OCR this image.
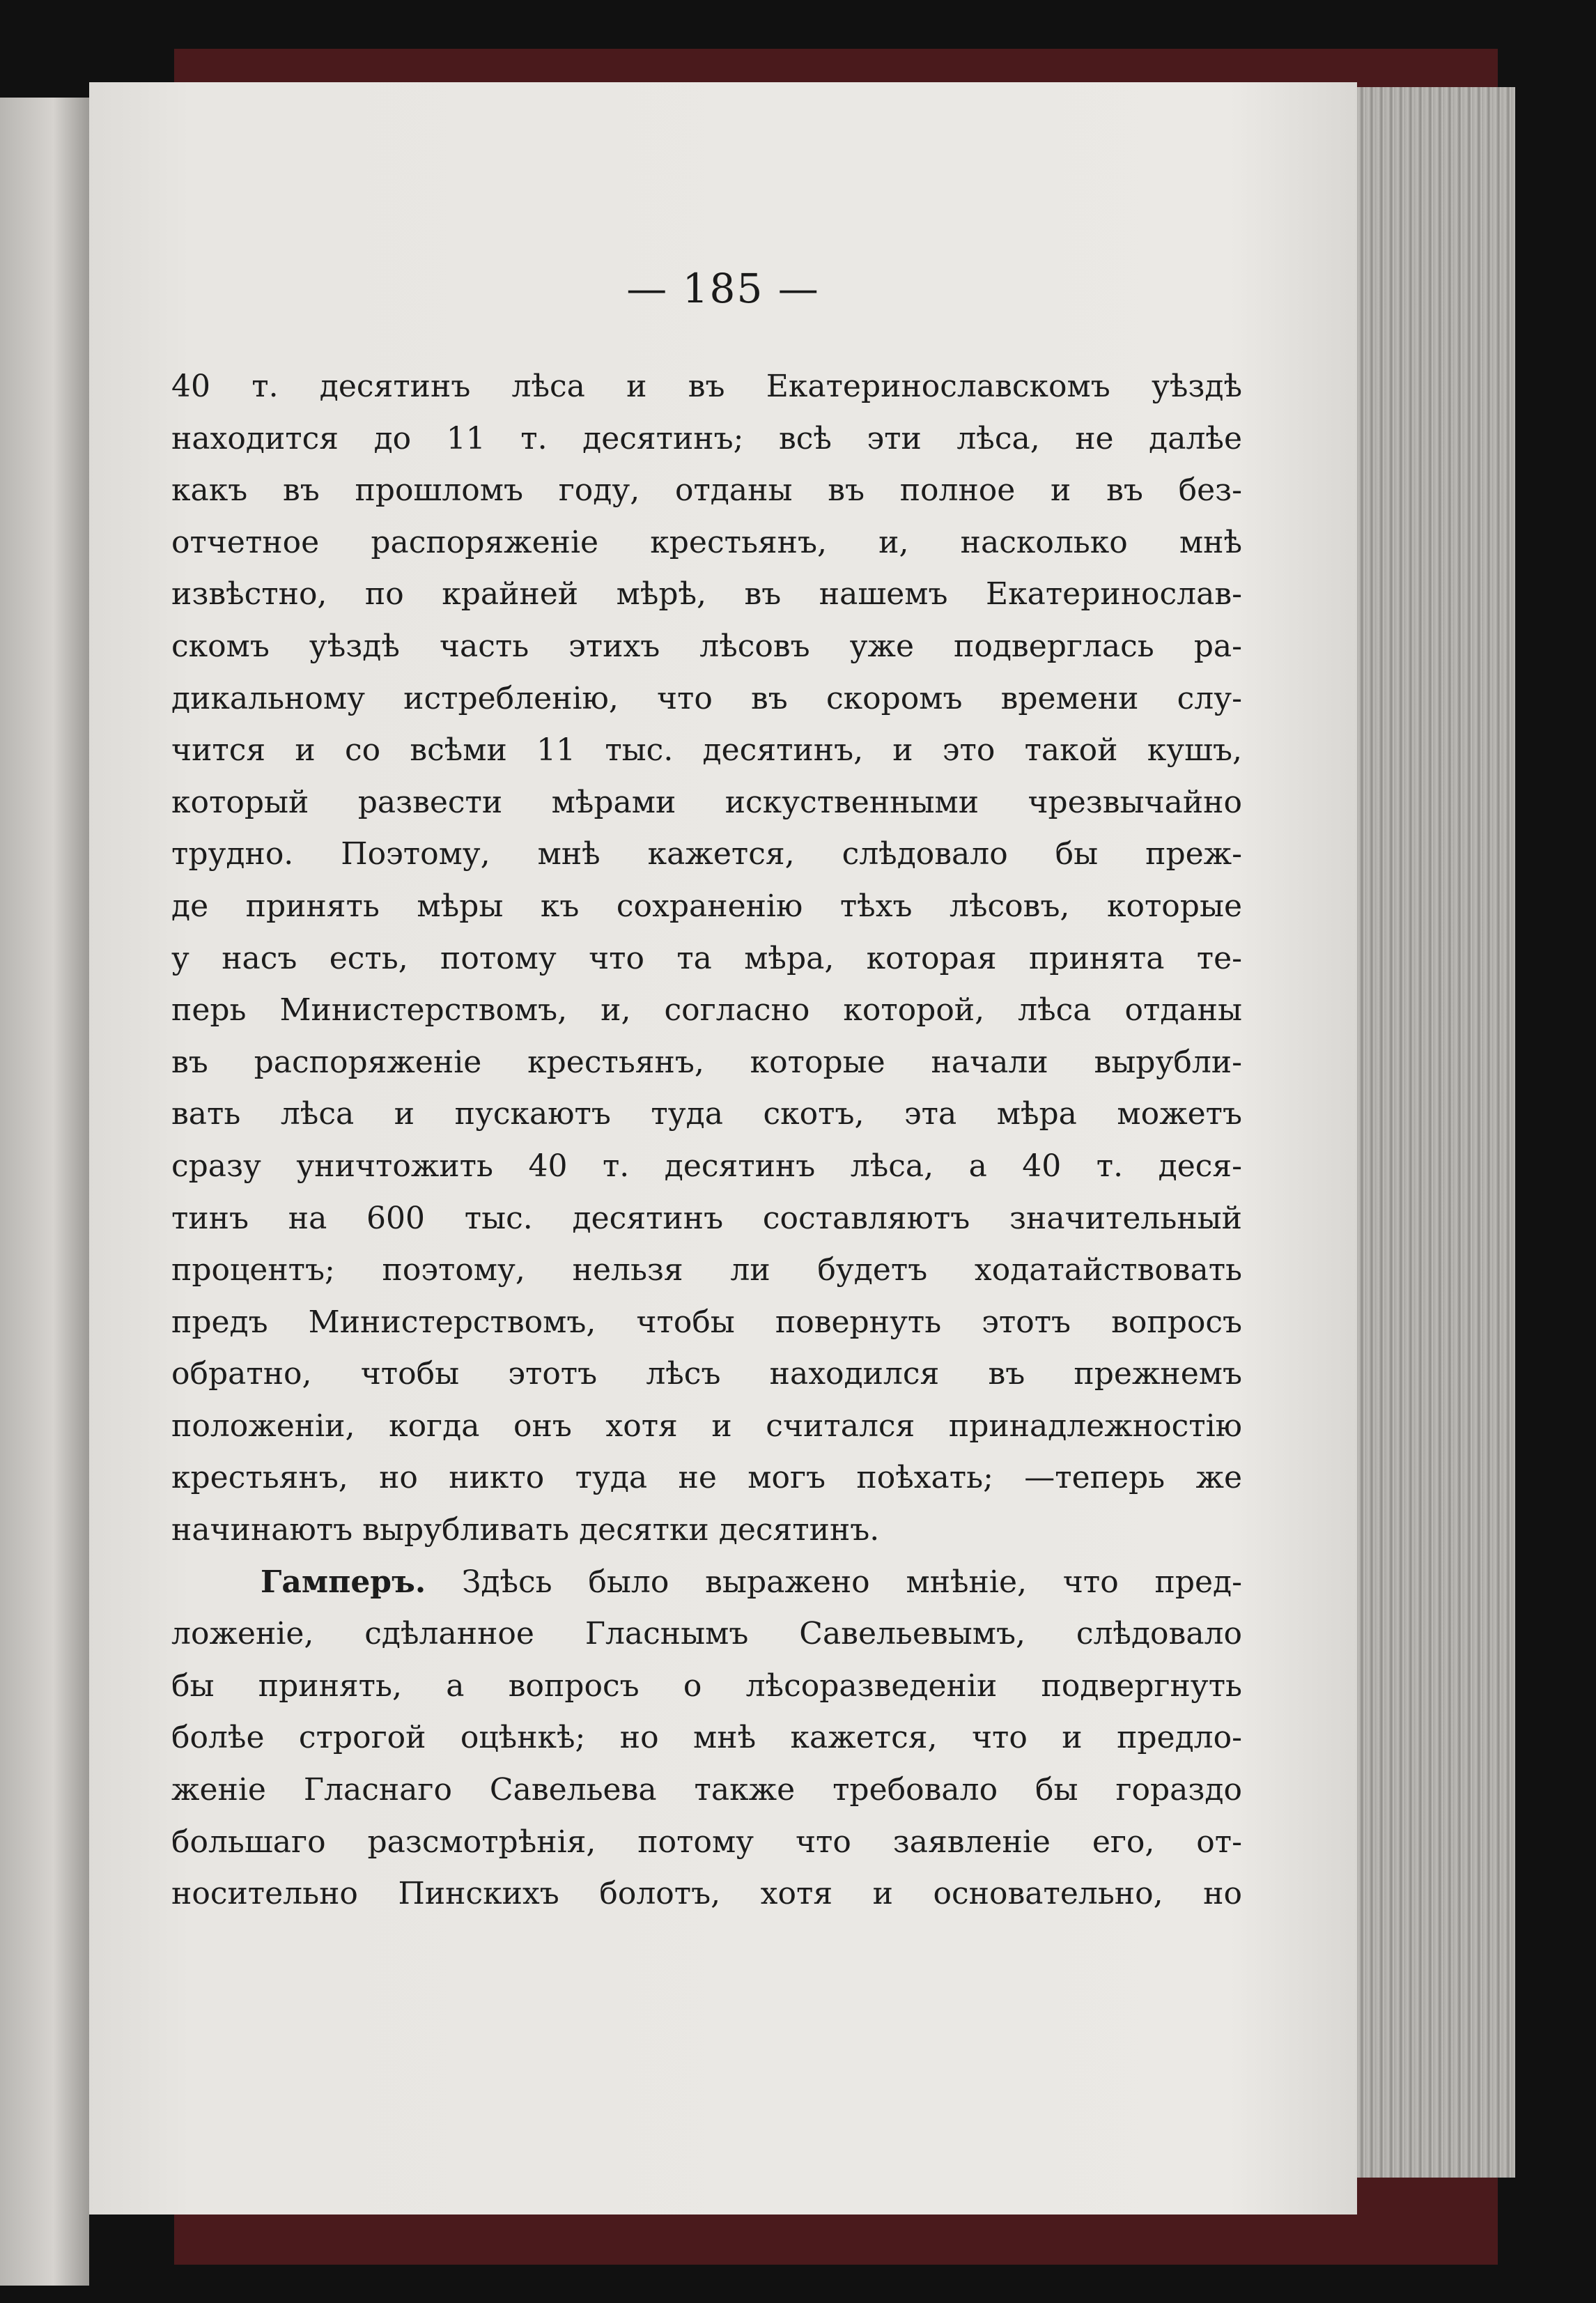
— 185 —
40 т. десятинъ лѣса и въ Екатеринославскомъ уѣздѣ
находится до 11 т. десятинъ; всѣ эти лѣса, не далѣе
какъ въ прошломъ году, отданы въ полное и въ без-
отчетное распоряженіе крестьянъ, и, насколько мнѣ
извѣстно, по крайней мѣрѣ, въ нашемъ Екатеринослав-
скомъ уѣздѣ часть этихъ лѣсовъ уже подверглась ра-
дикальному истребленію, что въ скоромъ времени слу-
чится и со всѣми 11 тыс. десятинъ, и это такой кушъ,
который развести мѣрами искуственными чрезвычайно
трудно. Поэтому, мнѣ кажется, слѣдовало бы преж-
де принять мѣры къ сохраненію тѣхъ лѣсовъ, которые
у насъ есть, потому что та мѣра, которая принята те-
перь Министерствомъ, и, согласно которой, лѣса отданы
въ распоряженіе крестьянъ, которые начали вырубли-
вать лѣса и пускаютъ туда скотъ, эта мѣра можетъ
сразу уничтожить 40 т. десятинъ лѣса, а 40 т. деся-
тинъ на 600 тыс. десятинъ составляютъ значительный
процентъ; поэтому, нельзя ли будетъ ходатайствовать
предъ Министерствомъ, чтобы повернуть этотъ вопросъ
обратно, чтобы этотъ лѣсъ находился въ прежнемъ
положеніи, когда онъ хотя и считался принадлежностію
крестьянъ, но никто туда не могъ поѣхать; —теперь же
начинаютъ вырубливать десятки десятинъ.
Гамперъ. Здѣсь было выражено мнѣніе, что пред-
ложеніе, сдѣланное Гласнымъ Савельевымъ, слѣдовало
бы принять, а вопросъ о лѣсоразведеніи подвергнуть
болѣе строгой оцѣнкѣ; но мнѣ кажется, что и предло-
женіе Гласнаго Савельева также требовало бы гораздо
большаго разсмотрѣнія, потому что заявленіе его, от-
носительно Пинскихъ болотъ, хотя и основательно, но
